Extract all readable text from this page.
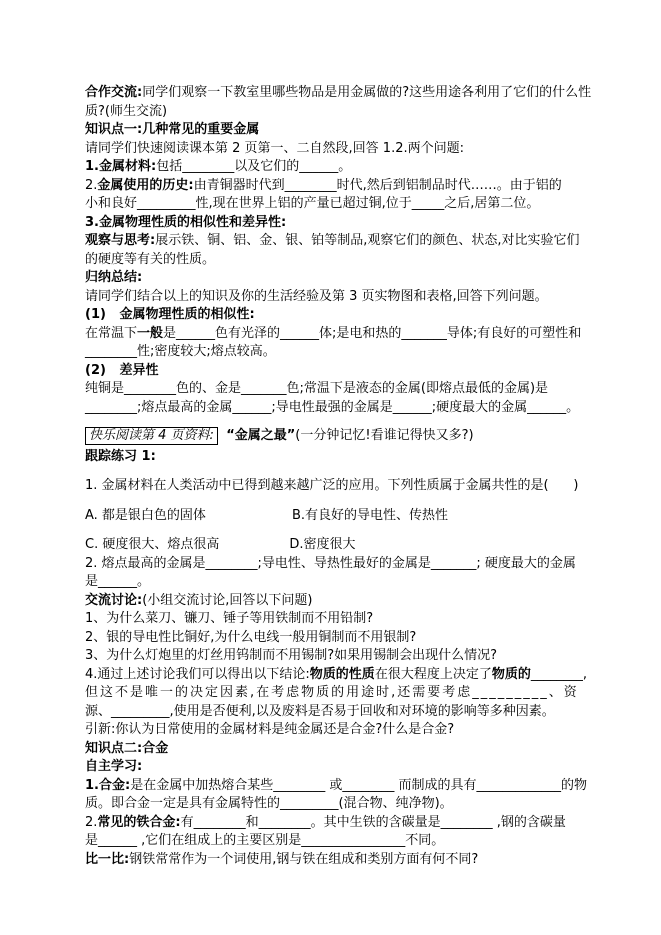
合作交流:同学们观察一下教室里哪些物品是用金属做的?这些用途各利用了它们的什么性

质?(师生交流)

知识点一:几种常见的重要金属

请同学们快速阅读课本第 2 页第一、二自然段,回答 1.2.两个问题:

1.金属材料:包括________以及它们的______。

2.金属使用的历史:由青铜器时代到________时代,然后到铝制品时代……。由于铝的

小和良好_________性,现在世界上铝的产量已超过铜,位于_____之后,居第二位。

3.金属物理性质的相似性和差异性:

观察与思考:展示铁、铜、铝、金、银、铂等制品,观察它们的颜色、状态,对比实验它们

的硬度等有关的性质。

归纳总结:

请同学们结合以上的知识及你的生活经验及第 3 页实物图和表格,回答下列问题。

(1)   金属物理性质的相似性:

在常温下一般是______色有光泽的______体;是电和热的_______导体;有良好的可塑性和

________性;密度较大;熔点较高。

(2)   差异性

纯铜是________色的、金是_______色;常温下是液态的金属(即熔点最低的金属)是

________;熔点最高的金属______;导电性最强的金属是______;硬度最大的金属______。

快乐阅读第 4 页资料: “金属之最”(一分钟记忆!看谁记得快又多?)

跟踪练习 1:

1. 金属材料在人类活动中已得到越来越广泛的应用。下列性质属于金属共性的是(      )

A. 都是银白色的固体	B.有良好的导电性、传热性

C. 硬度很大、熔点很高	D.密度很大

2. 熔点最高的金属是________;导电性、导热性最好的金属是_______; 硬度最大的金属

是______。

交流讨论:(小组交流讨论,回答以下问题)

1、为什么菜刀、镰刀、锤子等用铁制而不用铅制?

2、银的导电性比铜好,为什么电线一般用铜制而不用银制?

3、为什么灯炮里的灯丝用钨制而不用锡制?如果用锡制会出现什么情况?

4.通过上述讨论我们可以得出以下结论:物质的性质在很大程度上决定了物质的________,

但这不是唯一的决定因素,在考虑物质的用途时,还需要考虑_________、资

源、_________,使用是否便利,以及废料是否易于回收和对环境的影响等多种因素。

引新:你认为日常使用的金属材料是纯金属还是合金?什么是合金?

知识点二:合金

自主学习:

1.合金:是在金属中加热熔合某些________ 或________ 而制成的具有_____________的物

质。即合金一定是具有金属特性的_________(混合物、纯净物)。

2.常见的铁合金:有________和________。其中生铁的含碳量是________ ,钢的含碳量

是______ ,它们在组成上的主要区别是________________不同。

比一比:钢铁常常作为一个词使用,钢与铁在组成和类别方面有何不同?
